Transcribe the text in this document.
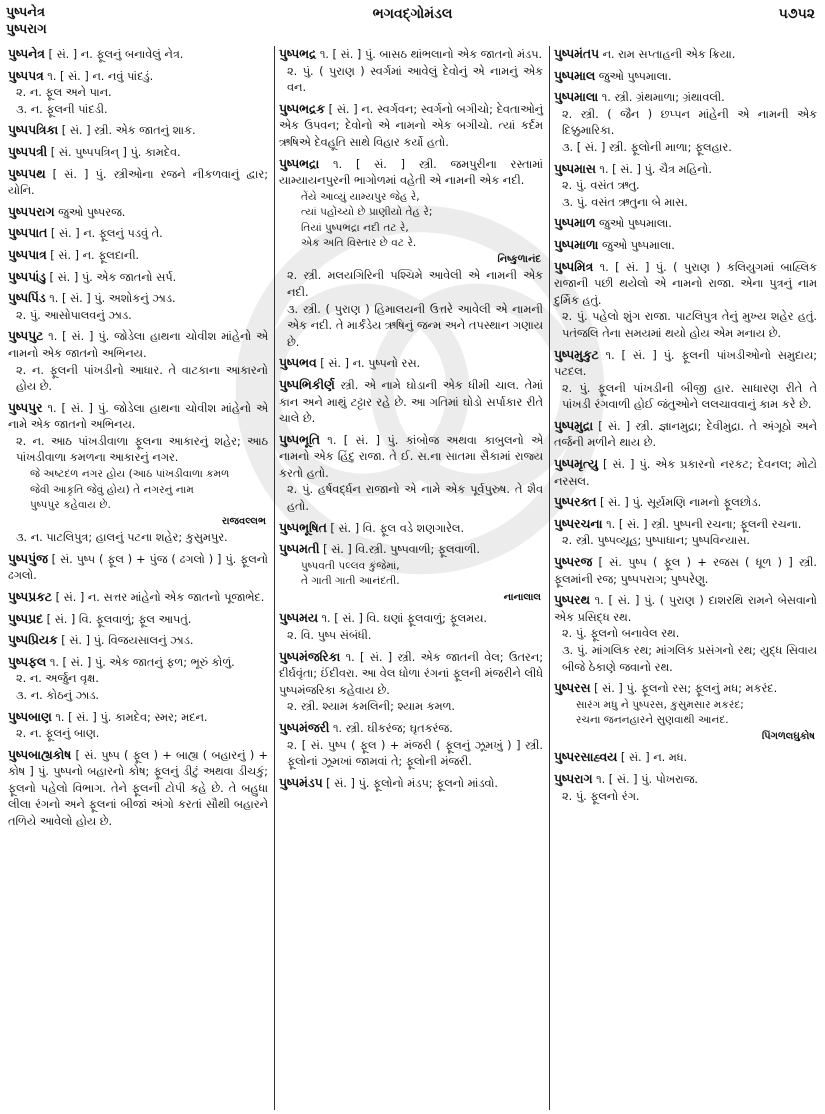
પુષ્પનેત્ર
પુષ્પરાગ
ભગવદ્ગોમંડલ	૫૭૫૨

પુષ્પનેત્ર [ સં. ] ન. ફૂલનું બનાવેલું નેત્ર.

પુષ્પપત્ર ૧. [ સં. ] ન. નવું પાંદડું.

૨. ન. ફૂલ અને પાન.

૩. ન. ફૂલની પાંદડી.

પુષ્પપત્રિકા [ સં. ] સ્ત્રી. એક જાતનું શાક.

પુષ્પપત્રી [ સં. પુષ્પપત્રિન્ ] પું. કામદેવ.

પુષ્પપથ [ સં. ] પું. સ્ત્રીઓના રજને નીકળવાનું દ્વાર; યોનિ.

પુષ્પપરાગ જુઓ પુષ્પરજ.

પુષ્પપાત [ સં. ] ન. ફૂલનું પડવું તે.

પુષ્પપાત્ર [ સં. ] ન. ફૂલદાની.

પુષ્પપાંડુ [ સં. ] પું. એક જાતનો સર્પ.

પુષ્પપિંડ ૧. [ સં. ] પું. અશોકનું ઝાડ.

૨. પું. આસોપાલવનું ઝાડ.

પુષ્પપુટ ૧. [ સં. ] પું. જોડેલા હાથના ચોવીશ માંહેનો એ નામનો એક જાતનો અભિનય.

૨. ન. ફૂલની પાંખડીનો આધાર. તે વાટકાના આકારનો હોય છે.

પુષ્પપુર ૧. [ સં. ] પું. જોડેલા હાથના ચોવીશ માંહેનો એ નામે એક જાતનો અભિનય.

૨. ન. આઠ પાંખડીવાળા ફૂલના આકારનું શહેર; આઠ પાંખડીવાળા કમળના આકારનું નગર.

જે અષ્ટદળ નગર હોય (આઠ પાંખડીવાળા કમળ

જેવી આકૃતિ જેવું હોય) તે નગરનું નામ

પુષ્પપુર કહેવાય છે.

રાજવલ્લભ

૩. ન. પાટલિપુત્ર; હાલનું પટના શહેર; કુસુમપુર.

પુષ્પપુંજ [ સં. પુષ્પ ( ફૂલ ) + પુંજ ( ઢગલો ) ] પું. ફૂલનો ઢગલો.

પુષ્પપ્રકટ [ સં. ] ન. સત્તર માંહેનો એક જાતનો પૂજાભેદ.

પુષ્પપ્રદ [ સં. ] વિ. ફૂલવાળું; ફૂલ આપતું.

પુષ્પપ્રિયક [ સં. ] પું. વિજયસાલનું ઝાડ.

પુષ્પફલ ૧. [ સં. ] પું. એક જાતનું ફળ; ભૂરું કોળું.

૨. ન. અર્જુન વૃક્ષ.

૩. ન. કોઠનું ઝાડ.

પુષ્પબાણ ૧. [ સં. ] પું. કામદેવ; સ્મર; મદન.

૨. ન. ફૂલનું બાણ.

પુષ્પબાહ્યકોષ [ સં. પુષ્પ ( ફૂલ ) + બાહ્ય ( બહારનું ) + કોષ ] પું. પુષ્પનો બહારનો કોષ; ફૂલનું ડીટું અથવા ડીચકું; ફૂલનો પહેલો વિભાગ. તેને ફૂલની ટોપી કહે છે. તે બહુધા લીલા રંગનો અને ફૂલનાં બીજાં અંગો કરતાં સૌથી બહારને તળિયે આવેલો હોય છે.

પુષ્પભદ્ર ૧. [ સં. ] પું. બાસઠ થાંભલાનો એક જાતનો મંડપ.

૨. પું. ( પુરાણ ) સ્વર્ગમાં આવેલું દેવોનું એ નામનું એક વન.

પુષ્પભદ્રક [ સં. ] ન. સ્વર્ગવન; સ્વર્ગનો બગીચો; દેવતાઓનું એક ઉપવન; દેવોનો એ નામનો એક બગીચો. ત્યાં કર્દમ ઋષિએ દેવહૂતિ સાથે વિહાર કર્યો હતો.

પુષ્પભદ્રા ૧. [ સં. ] સ્ત્રી. જમપુરીના રસ્તામાં યામ્યાયનપુરની ભાગોળમાં વહેતી એ નામની એક નદી.

તેંયે આવ્યું યામ્યપુર જેહ રે,

ત્યાં પહોંચ્યો છે પ્રાણીયો તેહ રે;

તિયાં પુષ્પભદ્રા નદી તટ રે,

એક અતિ વિસ્તાર છે વટ રે.

નિષ્કુળાનંદ

૨. સ્ત્રી. મલયગિરિની પશ્ચિમે આવેલી એ નામની એક નદી.

૩. સ્ત્રી. ( પુરાણ ) હિમાલયની ઉત્તરે આવેલી એ નામની એક નદી. તે માર્કંડેય ઋષિનું જન્મ અને તપસ્થાન ગણાય છે.

પુષ્પભવ [ સં. ] ન. પુષ્પનો રસ.

પુષ્પભિકીર્ણ સ્ત્રી. એ નામે ઘોડાની એક ધીમી ચાલ. તેમાં કાન અને માથું ટટ્ટાર રહે છે. આ ગતિમાં ઘોડો સર્પાકાર રીતે ચાલે છે.

પુષ્પભૂતિ ૧. [ સં. ] પું. કાંબોજ અથવા કાબુલનો એ નામનો એક હિંદુ રાજા. તે ઈ. સ.ના સાતમા સૈકામાં રાજ્ય કરતો હતો.

૨. પું. હર્ષવર્દ્ધન રાજાનો એ નામે એક પૂર્વપુરુષ. તે શૈવ હતો.

પુષ્પભૂષિત [ સં. ] વિ. ફૂલ વડે શણગારેલ.

પુષ્પમતી [ સં. ] વિ.સ્ત્રી. પુષ્પવાળી; ફૂલવાળી.

પુષ્પવતી પલ્લવ કુંજેમાં,

તે ગાતી ગાતી આનંદતી.

નાનાલાલ

પુષ્પમય ૧. [ સં. ] વિ. ઘણાં ફૂલવાળું; ફૂલમય.

૨. વિ. પુષ્પ સંબંધી.

પુષ્પમંજરિકા ૧. [ સં. ] સ્ત્રી. એક જાતની વેલ; ઉતરન; દીર્ઘવૃંતા; ઈંદીવરા. આ વેલ ધોળા રંગનાં ફૂલની મંજરીને લીધે પુષ્પમંજરિકા કહેવાય છે.

૨. સ્ત્રી. શ્યામ કમલિની; શ્યામ કમળ.

પુષ્પમંજરી ૧. સ્ત્રી. ઘીકરંજ; ઘૃતકરંજ.

૨. [ સં. પુષ્પ ( ફૂલ ) + મંજરી ( ફૂલનું ઝૂમખું ) ] સ્ત્રી. ફૂલોનાં ઝૂમખાં જામવાં તે; ફૂલોની મંજરી.

પુષ્પમંડપ [ સં. ] પું. ફૂલોનો મંડપ; ફૂલનો માંડવો.

પુષ્પમંતપ ન. રામ સપ્તાહની એક ક્રિયા.

પુષ્પમાલ જુઓ પુષ્પમાલા.

પુષ્પમાલા ૧. સ્ત્રી. ગ્રંથમાળા; ગ્રંથાવલી.

૨. સ્ત્રી. ( જૈન ) છપ્પન માંહેની એ નામની એક દિક્કુમારિકા.

૩. [ સં. ] સ્ત્રી. ફૂલોની માળા; ફૂલહાર.

પુષ્પમાસ ૧. [ સં. ] પું. ચૈત્ર મહિનો.

૨. પું. વસંત ઋતુ.

૩. પું. વસંત ઋતુના બે માસ.

પુષ્પમાળ જુઓ પુષ્પમાલા.

પુષ્પમાળા જુઓ પુષ્પમાલા.

પુષ્પમિત્ર ૧. [ સં. ] પું. ( પુરાણ ) કલિયુગમાં બાહ્લિક રાજાની પછી થયેલો એ નામનો રાજા. એના પુત્રનું નામ દુર્મિક હતું.

૨. પું. પહેલો શુંગ રાજા. પાટલિપુત્ર તેનું મુખ્ય શહેર હતું. પતંજલિ તેના સમયમાં થયો હોય એમ મનાય છે.

પુષ્પમુકુટ ૧. [ સં. ] પું. ફૂલની પાંખડીઓનો સમુદાય; પટદલ.

૨. પું. ફૂલની પાંખડીની બીજી હાર. સાધારણ રીતે તે પાંખડી રંગવાળી હોઈ જંતુઓને લલચાવવાનું કામ કરે છે.

પુષ્પમુદ્રા [ સં. ] સ્ત્રી. જ્ઞાનમુદ્રા; દેવીમુદ્રા. તે અંગૂઠો અને તર્જની મળીને થાય છે.

પુષ્પમૃત્યુ [ સં. ] પું. એક પ્રકારનો નરકટ; દેવનલ; મોટો નરસલ.

પુષ્પરક્ત [ સં. ] પું. સૂર્યમણિ નામનો ફૂલછોડ.

પુષ્પરચના ૧. [ સં. ] સ્ત્રી. પુષ્પની રચના; ફૂલની રચના.

૨. સ્ત્રી. પુષ્પવ્યૂહ; પુષ્પાધાન; પુષ્પવિન્યાસ.

પુષ્પરજ [ સં. પુષ્પ ( ફૂલ ) + રજસ ( ધૂળ ) ] સ્ત્રી. ફૂલમાંની રજ; પુષ્પપરાગ; પુષ્પરેણુ.

પુષ્પરથ ૧. [ સં. ] પું. ( પુરાણ ) દાશરથિ રામને બેસવાનો એક પ્રસિદ્ધ રથ.

૨. પું. ફૂલનો બનાવેલ રથ.

૩. પું. માંગલિક રથ; માંગલિક પ્રસંગનો રથ; યુદ્ધ સિવાય બીજે ઠેકાણે જવાનો રથ.

પુષ્પરસ [ સં. ] પું. ફૂલનો રસ; ફૂલનું મધ; મકરંદ.

સારંગ મધુ ને પુષ્પરસ, કુસુમસાર મકરંદ;

રચના જનનહારને સુણવાથી આનંદ.

પિંગળલઘુકોષ

પુષ્પરસાહ્વય [ સં. ] ન. મધ.

પુષ્પરાગ ૧. [ સં. ] પું. પોખરાજ.

૨. પું. ફૂલનો રંગ.
